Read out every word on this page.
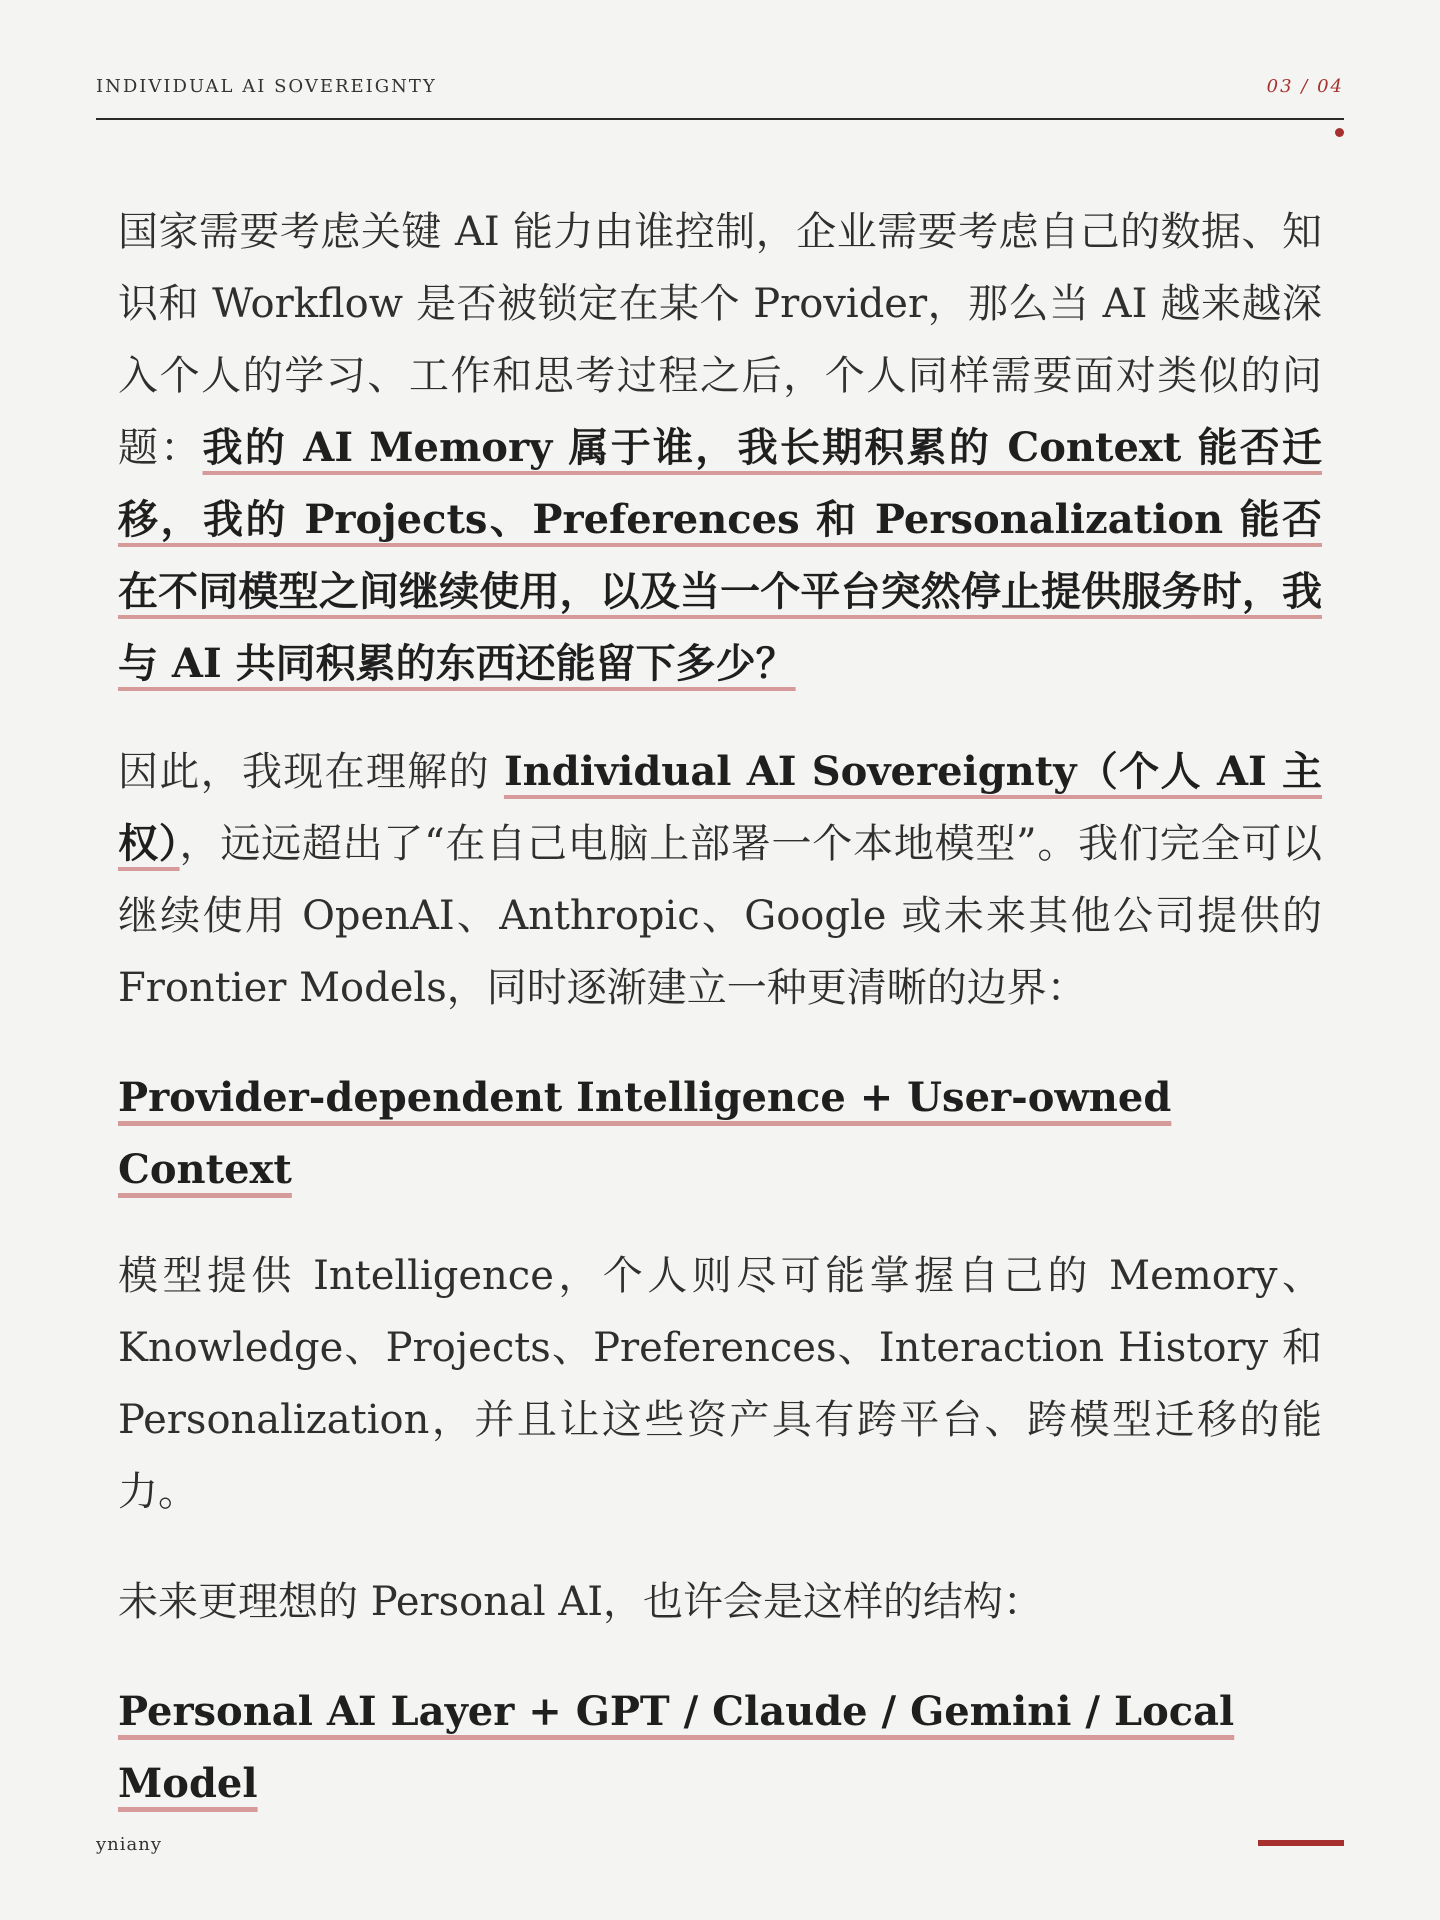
INDIVIDUAL AI SOVEREIGNTY	03 / 04

国家需要考虑关键 AI 能力由谁控制，企业需要考虑自己的数据、知识和 Workflow 是否被锁定在某个 Provider，那么当 AI 越来越深入个人的学习、工作和思考过程之后，个人同样需要面对类似的问题：我的 AI Memory 属于谁，我长期积累的 Context 能否迁移，我的 Projects、Preferences 和 Personalization 能否在不同模型之间继续使用，以及当一个平台突然停止提供服务时，我与 AI 共同积累的东西还能留下多少？

因此，我现在理解的 Individual AI Sovereignty（个人 AI 主权），远远超出了“在自己电脑上部署一个本地模型”。我们完全可以继续使用 OpenAI、Anthropic、Google 或未来其他公司提供的 Frontier Models，同时逐渐建立一种更清晰的边界：

Provider-dependent Intelligence + User-owned Context

模型提供 Intelligence，个人则尽可能掌握自己的 Memory、Knowledge、Projects、Preferences、Interaction History 和 Personalization，并且让这些资产具有跨平台、跨模型迁移的能力。

未来更理想的 Personal AI，也许会是这样的结构：

Personal AI Layer + GPT / Claude / Gemini / Local Model

yniany
